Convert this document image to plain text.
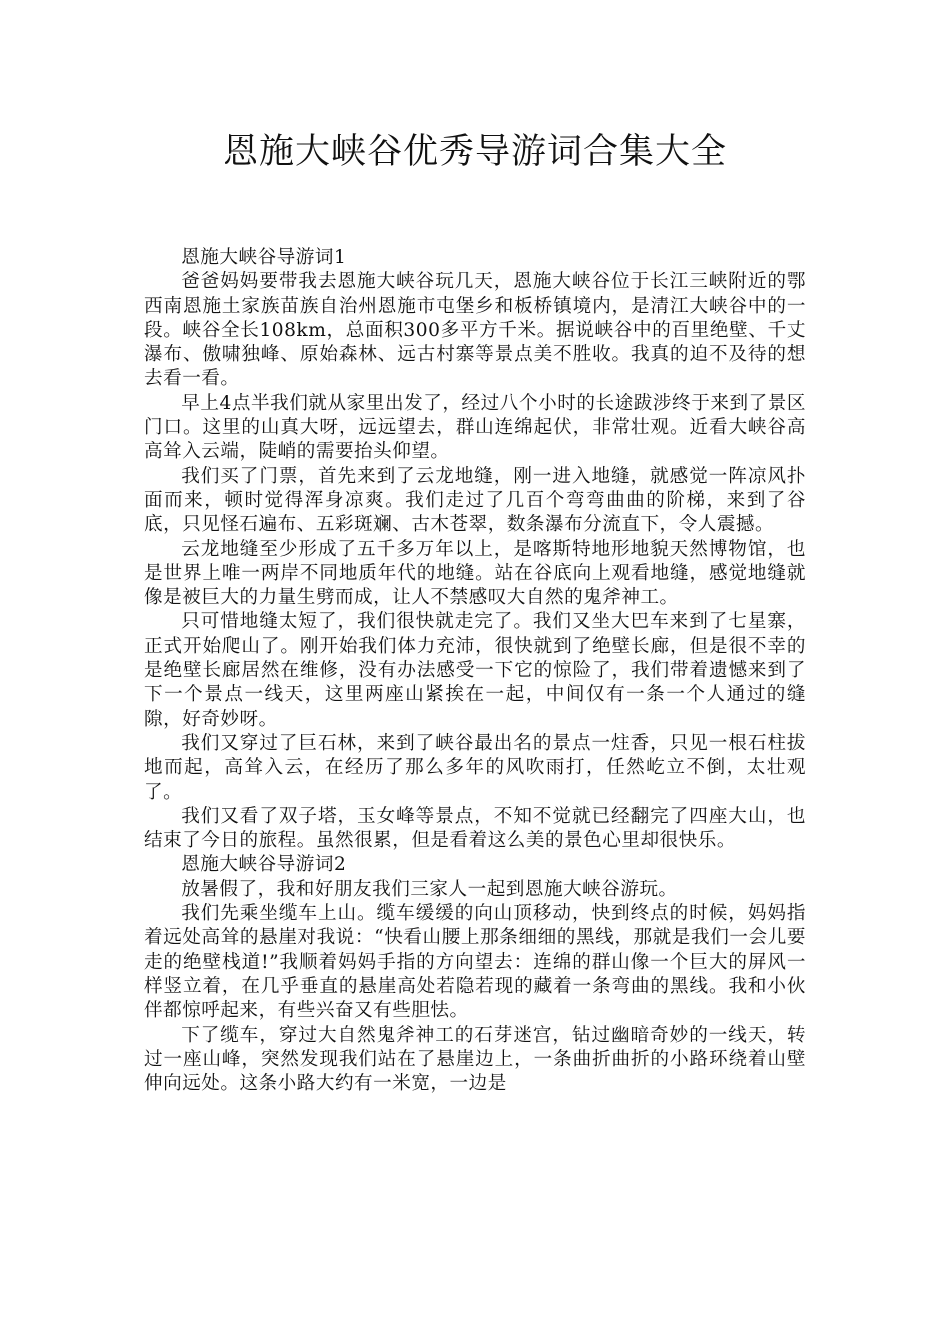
恩施大峡谷优秀导游词合集大全

恩施大峡谷导游词1

爸爸妈妈要带我去恩施大峡谷玩几天，恩施大峡谷位于长江三峡附近的鄂西南恩施土家族苗族自治州恩施市屯堡乡和板桥镇境内，是清江大峡谷中的一段。峡谷全长108km，总面积300多平方千米。据说峡谷中的百里绝壁、千丈瀑布、傲啸独峰、原始森林、远古村寨等景点美不胜收。我真的迫不及待的想去看一看。

早上4点半我们就从家里出发了，经过八个小时的长途跋涉终于来到了景区门口。这里的山真大呀，远远望去，群山连绵起伏，非常壮观。近看大峡谷高高耸入云端，陡峭的需要抬头仰望。

我们买了门票，首先来到了云龙地缝，刚一进入地缝，就感觉一阵凉风扑面而来，顿时觉得浑身凉爽。我们走过了几百个弯弯曲曲的阶梯，来到了谷底，只见怪石遍布、五彩斑斓、古木苍翠，数条瀑布分流直下，令人震撼。

云龙地缝至少形成了五千多万年以上，是喀斯特地形地貌天然博物馆，也是世界上唯一两岸不同地质年代的地缝。站在谷底向上观看地缝，感觉地缝就像是被巨大的力量生劈而成，让人不禁感叹大自然的鬼斧神工。

只可惜地缝太短了，我们很快就走完了。我们又坐大巴车来到了七星寨，正式开始爬山了。刚开始我们体力充沛，很快就到了绝壁长廊，但是很不幸的是绝壁长廊居然在维修，没有办法感受一下它的惊险了，我们带着遗憾来到了下一个景点一线天，这里两座山紧挨在一起，中间仅有一条一个人通过的缝隙，好奇妙呀。

我们又穿过了巨石林，来到了峡谷最出名的景点一炷香，只见一根石柱拔地而起，高耸入云，在经历了那么多年的风吹雨打，任然屹立不倒，太壮观了。

我们又看了双子塔，玉女峰等景点，不知不觉就已经翻完了四座大山，也结束了今日的旅程。虽然很累，但是看着这么美的景色心里却很快乐。

恩施大峡谷导游词2

放暑假了，我和好朋友我们三家人一起到恩施大峡谷游玩。

我们先乘坐缆车上山。缆车缓缓的向山顶移动，快到终点的时候，妈妈指着远处高耸的悬崖对我说：“快看山腰上那条细细的黑线，那就是我们一会儿要走的绝壁栈道!”我顺着妈妈手指的方向望去：连绵的群山像一个巨大的屏风一样竖立着，在几乎垂直的悬崖高处若隐若现的藏着一条弯曲的黑线。我和小伙伴都惊呼起来，有些兴奋又有些胆怯。

下了缆车，穿过大自然鬼斧神工的石芽迷宫，钻过幽暗奇妙的一线天，转过一座山峰，突然发现我们站在了悬崖边上，一条曲折曲折的小路环绕着山壁伸向远处。这条小路大约有一米宽，一边是
